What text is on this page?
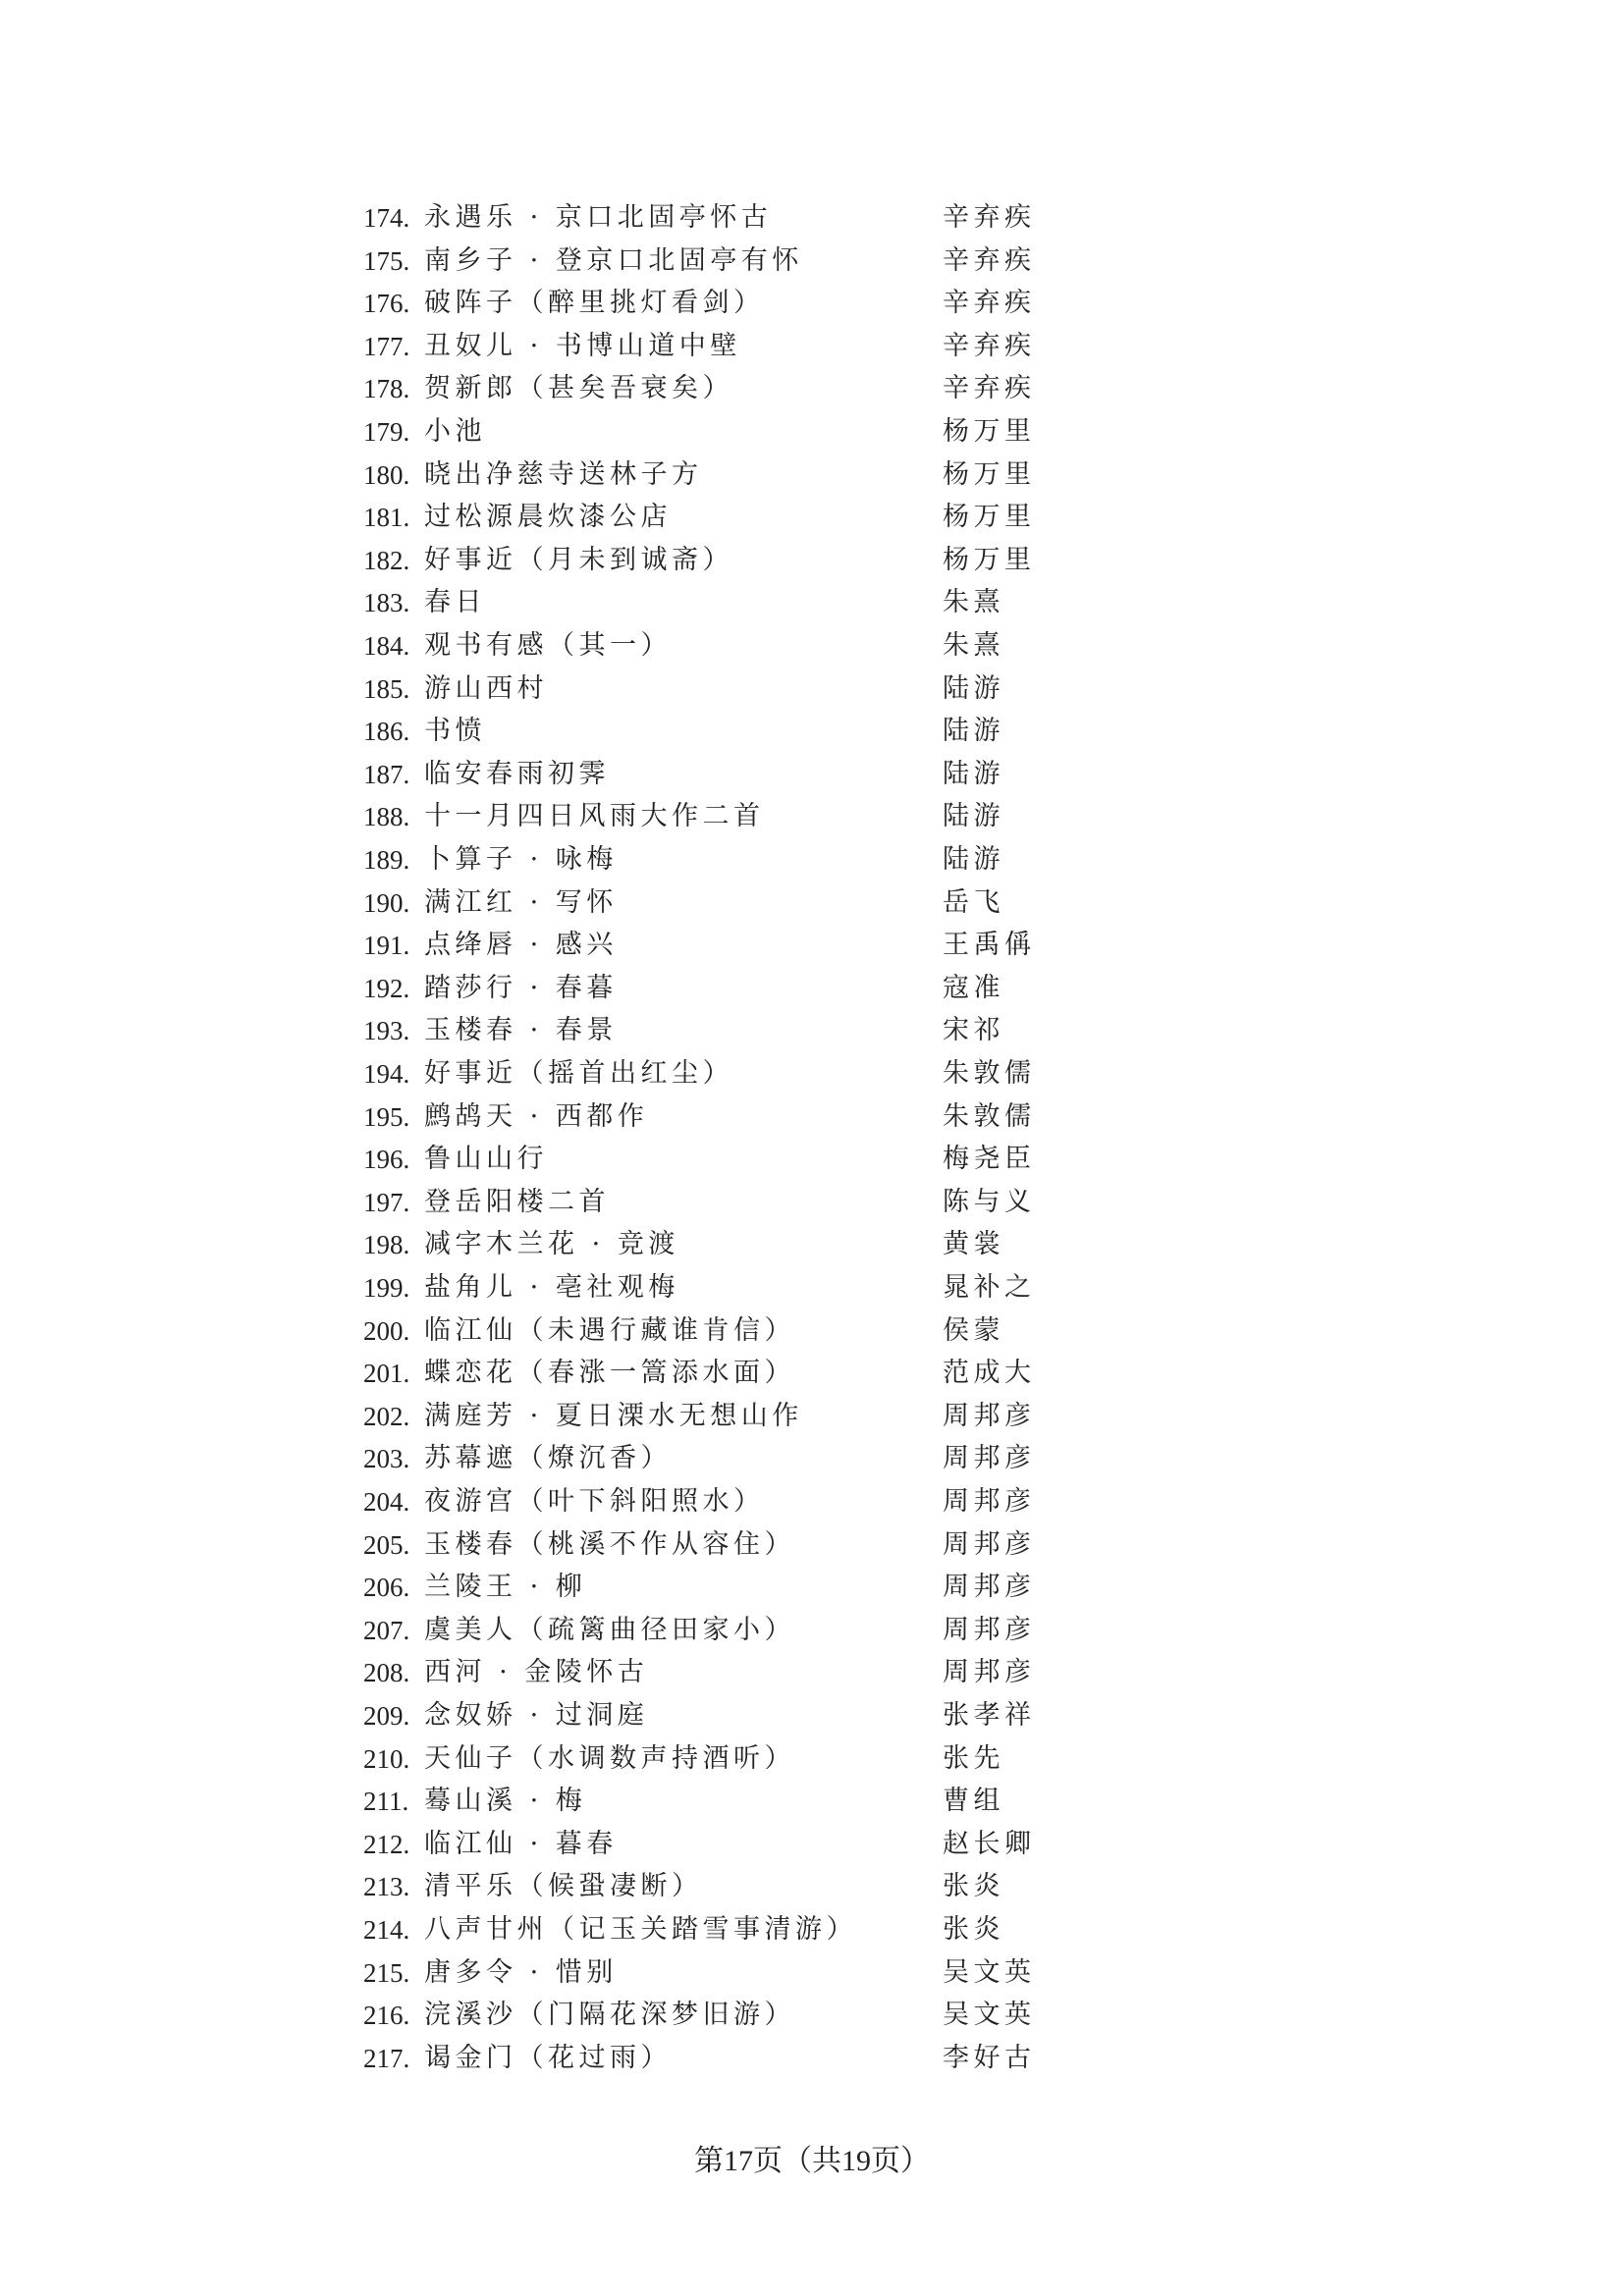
174. 永遇乐 · 京口北固亭怀古	辛弃疾
175. 南乡子 · 登京口北固亭有怀	辛弃疾
176. 破阵子（醉里挑灯看剑）	辛弃疾
177. 丑奴儿 · 书博山道中壁	辛弃疾
178. 贺新郎（甚矣吾衰矣）	辛弃疾
179. 小池	杨万里
180. 晓出净慈寺送林子方	杨万里
181. 过松源晨炊漆公店	杨万里
182. 好事近（月未到诚斋）	杨万里
183. 春日	朱熹
184. 观书有感（其一）	朱熹
185. 游山西村	陆游
186. 书愤	陆游
187. 临安春雨初霁	陆游
188. 十一月四日风雨大作二首	陆游
189. 卜算子 · 咏梅	陆游
190. 满江红 · 写怀	岳飞
191. 点绛唇 · 感兴	王禹偁
192. 踏莎行 · 春暮	寇准
193. 玉楼春 · 春景	宋祁
194. 好事近（摇首出红尘）	朱敦儒
195. 鹧鸪天 · 西都作	朱敦儒
196. 鲁山山行	梅尧臣
197. 登岳阳楼二首	陈与义
198. 减字木兰花 · 竞渡	黄裳
199. 盐角儿 · 亳社观梅	晁补之
200. 临江仙（未遇行藏谁肯信）	侯蒙
201. 蝶恋花（春涨一篙添水面）	范成大
202. 满庭芳 · 夏日溧水无想山作	周邦彦
203. 苏幕遮（燎沉香）	周邦彦
204. 夜游宫（叶下斜阳照水）	周邦彦
205. 玉楼春（桃溪不作从容住）	周邦彦
206. 兰陵王 · 柳	周邦彦
207. 虞美人（疏篱曲径田家小）	周邦彦
208. 西河 · 金陵怀古	周邦彦
209. 念奴娇 · 过洞庭	张孝祥
210. 天仙子（水调数声持酒听）	张先
211. 蓦山溪 · 梅	曹组
212. 临江仙 · 暮春	赵长卿
213. 清平乐（候蛩凄断）	张炎
214. 八声甘州（记玉关踏雪事清游）	张炎
215. 唐多令 · 惜别	吴文英
216. 浣溪沙（门隔花深梦旧游）	吴文英
217. 谒金门（花过雨）	李好古
第17页（共19页）
